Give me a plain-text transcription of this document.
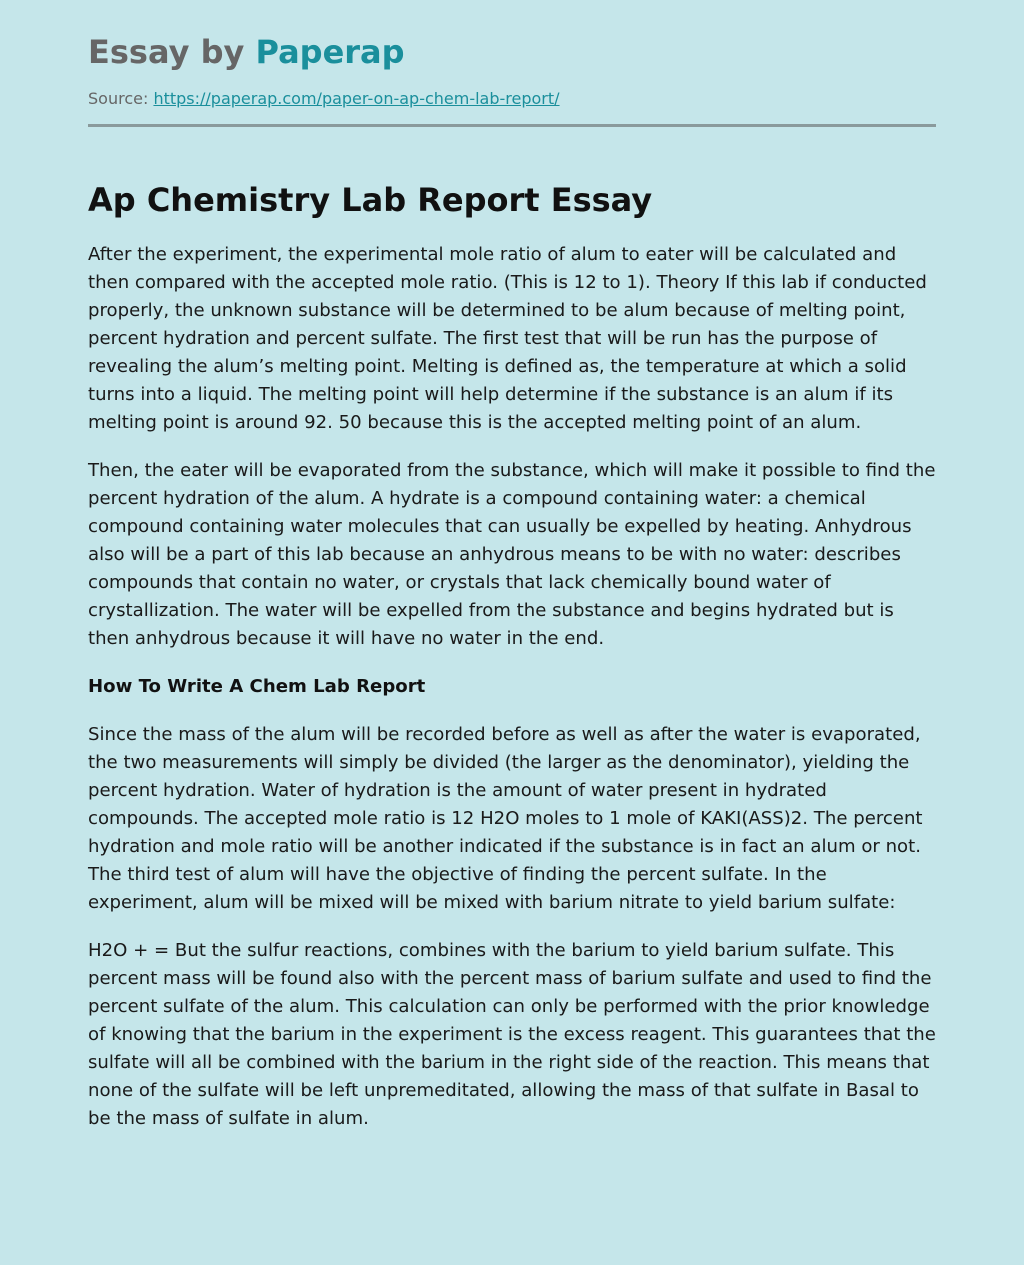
Essay by Paperap
Source: https://paperap.com/paper-on-ap-chem-lab-report/
Ap Chemistry Lab Report Essay

After the experiment, the experimental mole ratio of alum to eater will be calculated and then compared with the accepted mole ratio. (This is 12 to 1). Theory If this lab if conducted properly, the unknown substance will be determined to be alum because of melting point, percent hydration and percent sulfate. The first test that will be run has the purpose of revealing the alum’s melting point. Melting is defined as, the temperature at which a solid turns into a liquid. The melting point will help determine if the substance is an alum if its melting point is around 92. 50 because this is the accepted melting point of an alum.

Then, the eater will be evaporated from the substance, which will make it possible to find the percent hydration of the alum. A hydrate is a compound containing water: a chemical compound containing water molecules that can usually be expelled by heating. Anhydrous also will be a part of this lab because an anhydrous means to be with no water: describes compounds that contain no water, or crystals that lack chemically bound water of crystallization. The water will be expelled from the substance and begins hydrated but is then anhydrous because it will have no water in the end.

How To Write A Chem Lab Report

Since the mass of the alum will be recorded before as well as after the water is evaporated, the two measurements will simply be divided (the larger as the denominator), yielding the percent hydration. Water of hydration is the amount of water present in hydrated compounds. The accepted mole ratio is 12 H2O moles to 1 mole of KAKI(ASS)2. The percent hydration and mole ratio will be another indicated if the substance is in fact an alum or not. The third test of alum will have the objective of finding the percent sulfate. In the experiment, alum will be mixed will be mixed with barium nitrate to yield barium sulfate:

H2O + = But the sulfur reactions, combines with the barium to yield barium sulfate. This percent mass will be found also with the percent mass of barium sulfate and used to find the percent sulfate of the alum. This calculation can only be performed with the prior knowledge of knowing that the barium in the experiment is the excess reagent. This guarantees that the sulfate will all be combined with the barium in the right side of the reaction. This means that none of the sulfate will be left unpremeditated, allowing the mass of that sulfate in Basal to be the mass of sulfate in alum.
